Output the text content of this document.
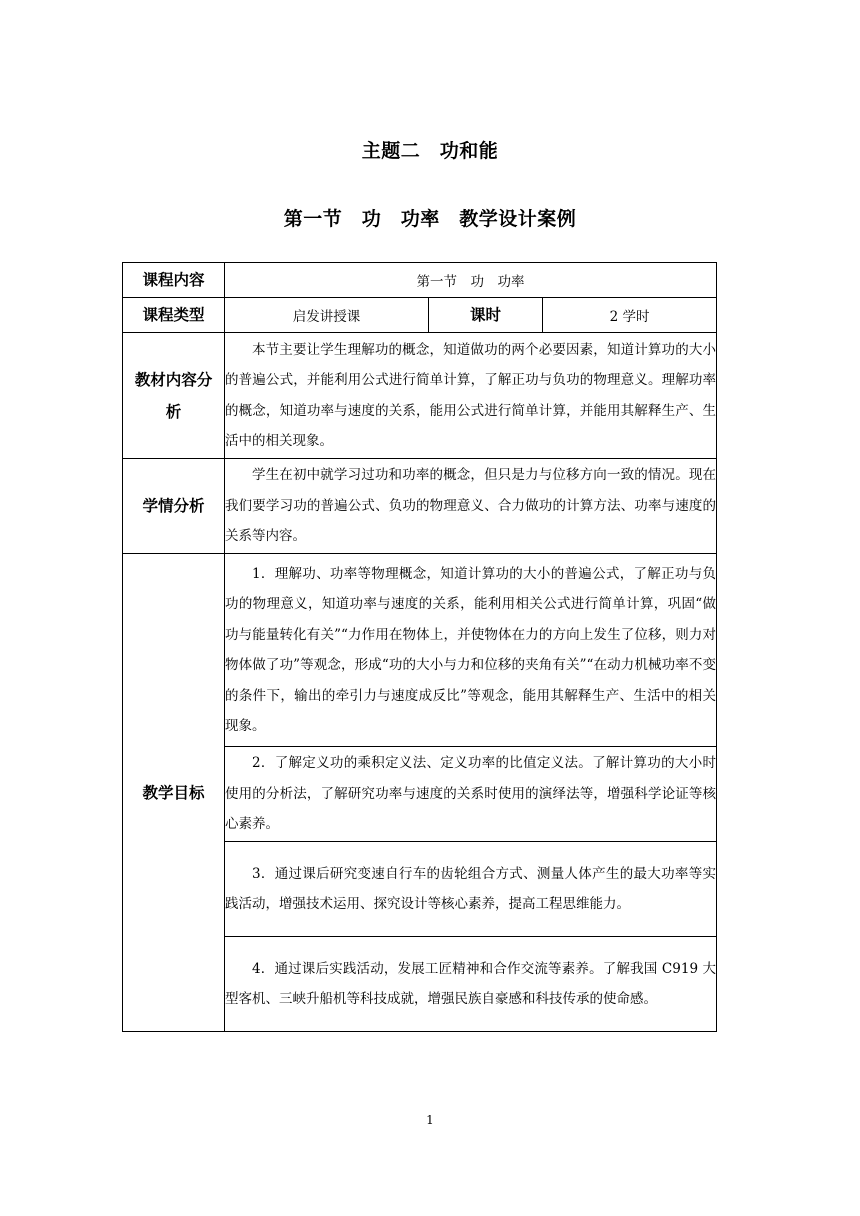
主题二　功和能
第一节　功　功率　教学设计案例
课程内容	第一节　功　功率		
课程类型	启发讲授课	课时	2 学时
教材内容分析	本节主要让学生理解功的概念，知道做功的两个必要因素，知道计算功的大小的普遍公式，并能利用公式进行简单计算，了解正功与负功的物理意义。理解功率的概念，知道功率与速度的关系，能用公式进行简单计算，并能用其解释生产、生活中的相关现象。		

学情分析	学生在初中就学习过功和功率的概念，但只是力与位移方向一致的情况。现在我们要学习功的普遍公式、负功的物理意义、合力做功的计算方法、功率与速度的关系等内容。		

教学目标	1．理解功、功率等物理概念，知道计算功的大小的普遍公式，了解正功与负功的物理意义，知道功率与速度的关系，能利用相关公式进行简单计算，巩固“做功与能量转化有关”“力作用在物体上，并使物体在力的方向上发生了位移，则力对物体做了功”等观念，形成“功的大小与力和位移的夹角有关”“在动力机械功率不变的条件下，输出的牵引力与速度成反比”等观念，能用其解释生产、生活中的相关现象。		

	2．了解定义功的乘积定义法、定义功率的比值定义法。了解计算功的大小时使用的分析法，了解研究功率与速度的关系时使用的演绎法等，增强科学论证等核心素养。		

	3．通过课后研究变速自行车的齿轮组合方式、测量人体产生的最大功率等实践活动，增强技术运用、探究设计等核心素养，提高工程思维能力。		

	4．通过课后实践活动，发展工匠精神和合作交流等素养。了解我国 C919 大型客机、三峡升船机等科技成就，增强民族自豪感和科技传承的使命感。		

1
